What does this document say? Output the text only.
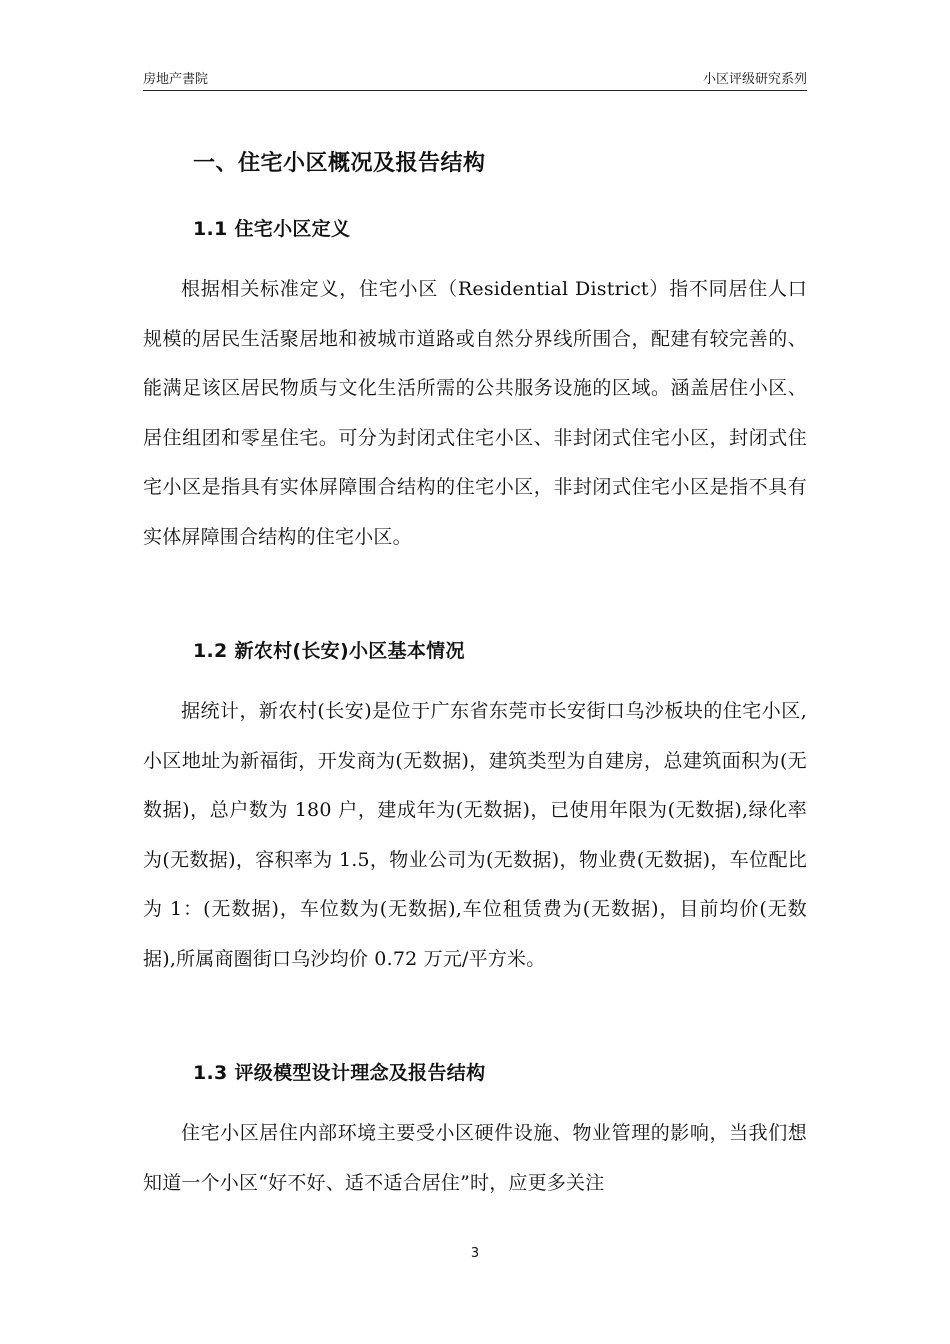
房地产書院	小区评级研究系列
一、住宅小区概况及报告结构
1.1 住宅小区定义
根据相关标准定义，住宅小区（Residential District）指不同居住人口规模的居民生活聚居地和被城市道路或自然分界线所围合，配建有较完善的、能满足该区居民物质与文化生活所需的公共服务设施的区域。涵盖居住小区、居住组团和零星住宅。可分为封闭式住宅小区、非封闭式住宅小区，封闭式住宅小区是指具有实体屏障围合结构的住宅小区，非封闭式住宅小区是指不具有实体屏障围合结构的住宅小区。
1.2 新农村(长安)小区基本情况
据统计，新农村(长安)是位于广东省东莞市长安街口乌沙板块的住宅小区,小区地址为新福街，开发商为(无数据)，建筑类型为自建房，总建筑面积为(无数据)，总户数为 180 户，建成年为(无数据)，已使用年限为(无数据),绿化率为(无数据)，容积率为 1.5，物业公司为(无数据)，物业费(无数据)，车位配比为 1：(无数据)，车位数为(无数据),车位租赁费为(无数据)，目前均价(无数据),所属商圈街口乌沙均价 0.72 万元/平方米。
1.3 评级模型设计理念及报告结构
住宅小区居住内部环境主要受小区硬件设施、物业管理的影响，当我们想知道一个小区“好不好、适不适合居住”时，应更多关注
3
